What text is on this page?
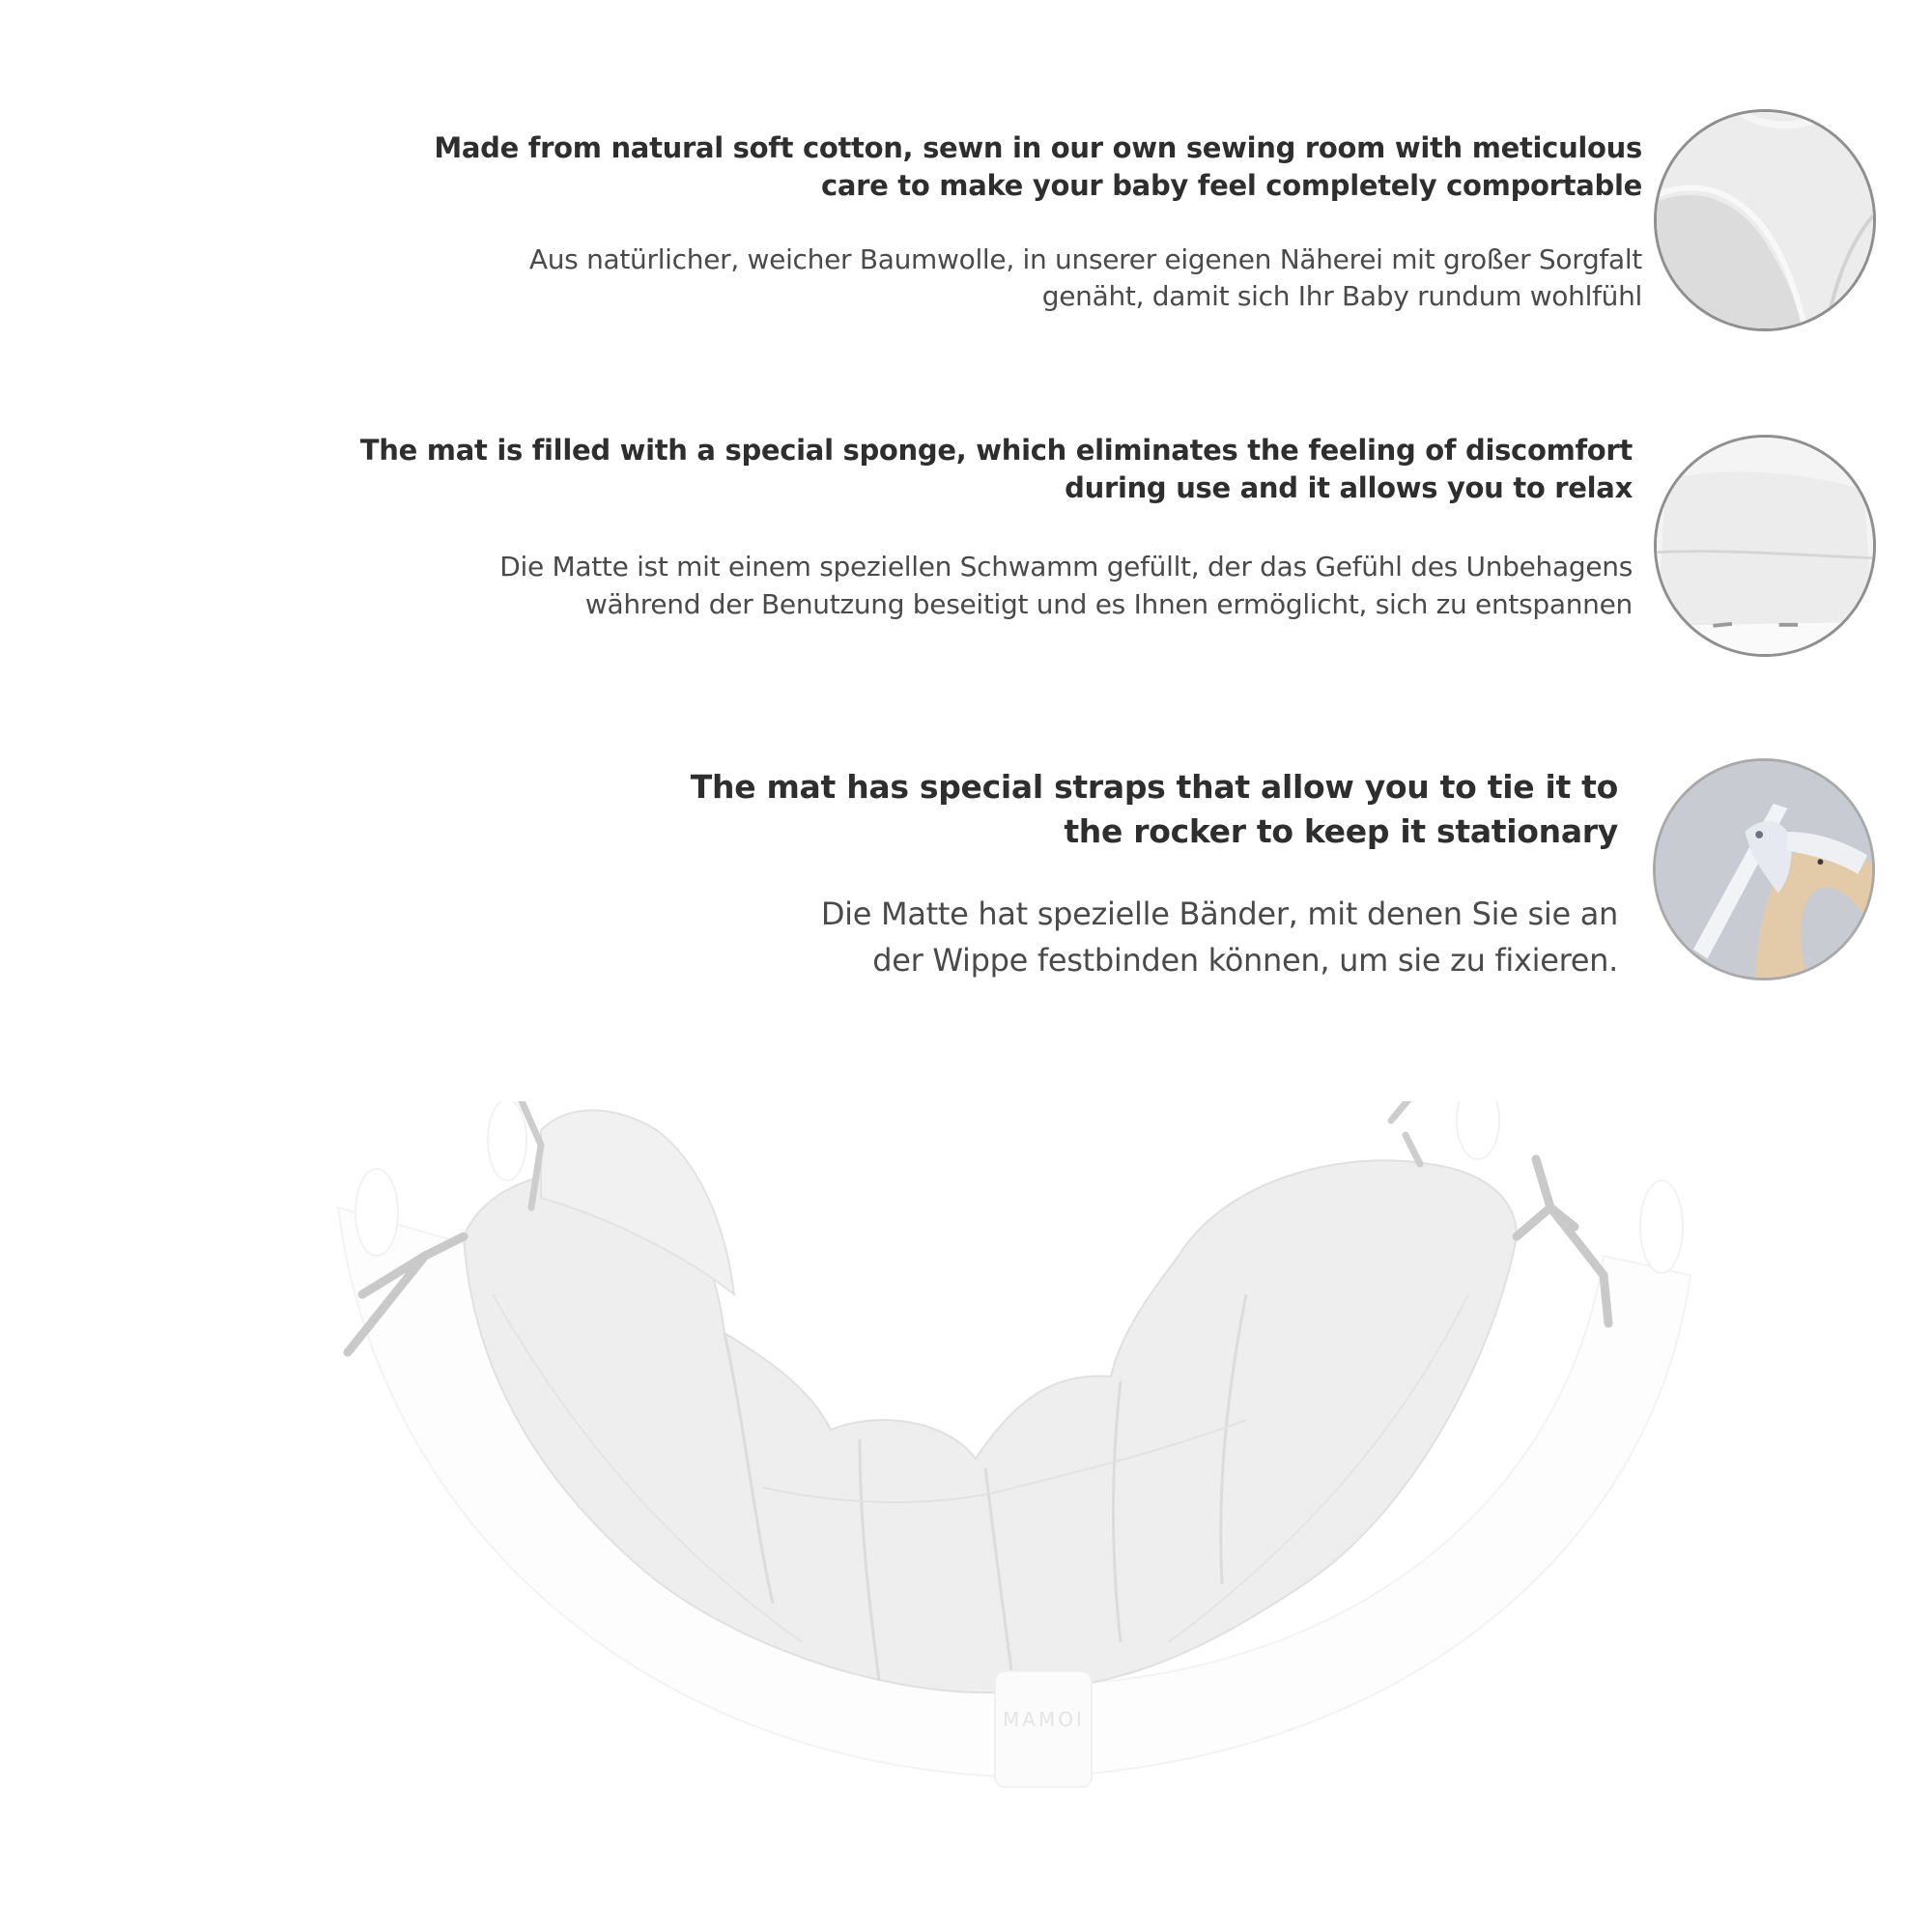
Made from natural soft cotton, sewn in our own sewing room with meticulous
care to make your baby feel completely comportable

Aus natürlicher, weicher Baumwolle, in unserer eigenen Näherei mit großer Sorgfalt
genäht, damit sich Ihr Baby rundum wohlfühl

The mat is filled with a special sponge, which eliminates the feeling of discomfort
during use and it allows you to relax

Die Matte ist mit einem speziellen Schwamm gefüllt, der das Gefühl des Unbehagens
während der Benutzung beseitigt und es Ihnen ermöglicht, sich zu entspannen

The mat has special straps that allow you to tie it to
the rocker to keep it stationary

Die Matte hat spezielle Bänder, mit denen Sie sie an
der Wippe festbinden können, um sie zu fixieren.

MAMOI
